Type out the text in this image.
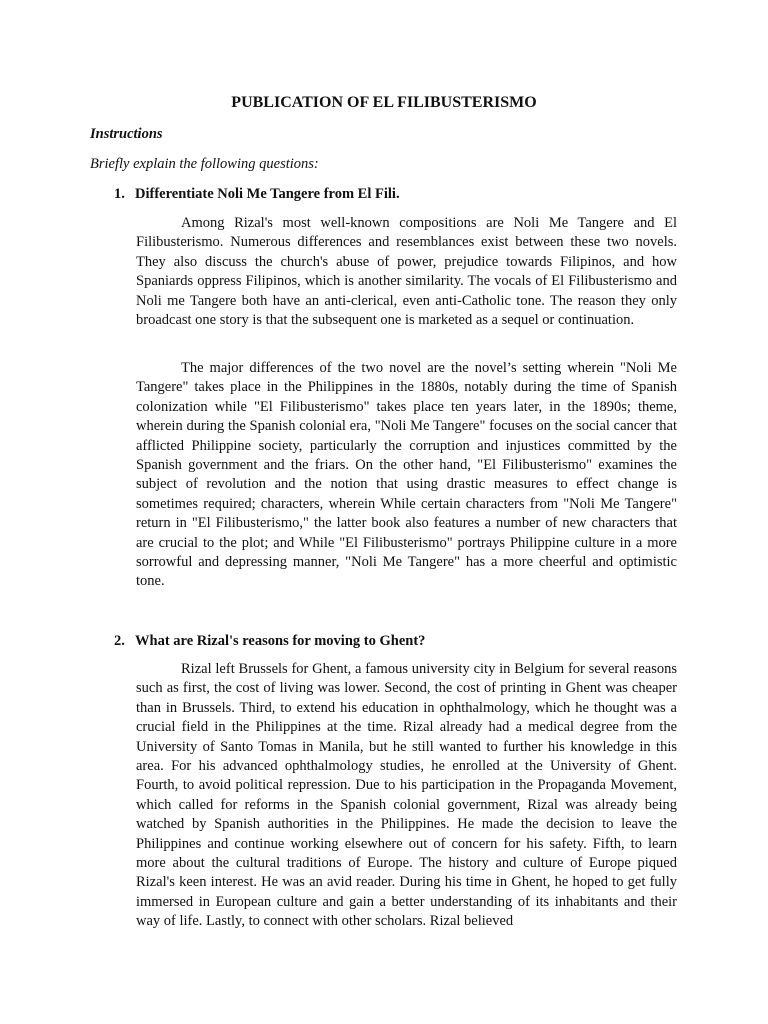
PUBLICATION OF EL FILIBUSTERISMO
Instructions
Briefly explain the following questions:
1. Differentiate Noli Me Tangere from El Fili.

Among Rizal's most well-known compositions are Noli Me Tangere and El Filibusterismo. Numerous differences and resemblances exist between these two novels. They also discuss the church's abuse of power, prejudice towards Filipinos, and how Spaniards oppress Filipinos, which is another similarity. The vocals of El Filibusterismo and Noli me Tangere both have an anti-clerical, even anti-Catholic tone. The reason they only broadcast one story is that the subsequent one is marketed as a sequel or continuation.

The major differences of the two novel are the novel’s setting wherein "Noli Me Tangere" takes place in the Philippines in the 1880s, notably during the time of Spanish colonization while "El Filibusterismo" takes place ten years later, in the 1890s; theme, wherein during the Spanish colonial era, "Noli Me Tangere" focuses on the social cancer that afflicted Philippine society, particularly the corruption and injustices committed by the Spanish government and the friars. On the other hand, "El Filibusterismo" examines the subject of revolution and the notion that using drastic measures to effect change is sometimes required; characters, wherein While certain characters from "Noli Me Tangere" return in "El Filibusterismo," the latter book also features a number of new characters that are crucial to the plot; and While "El Filibusterismo" portrays Philippine culture in a more sorrowful and depressing manner, "Noli Me Tangere" has a more cheerful and optimistic tone.

2. What are Rizal's reasons for moving to Ghent?

Rizal left Brussels for Ghent, a famous university city in Belgium for several reasons such as first, the cost of living was lower. Second, the cost of printing in Ghent was cheaper than in Brussels. Third, to extend his education in ophthalmology, which he thought was a crucial field in the Philippines at the time. Rizal already had a medical degree from the University of Santo Tomas in Manila, but he still wanted to further his knowledge in this area. For his advanced ophthalmology studies, he enrolled at the University of Ghent. Fourth, to avoid political repression. Due to his participation in the Propaganda Movement, which called for reforms in the Spanish colonial government, Rizal was already being watched by Spanish authorities in the Philippines. He made the decision to leave the Philippines and continue working elsewhere out of concern for his safety. Fifth, to learn more about the cultural traditions of Europe. The history and culture of Europe piqued Rizal's keen interest. He was an avid reader. During his time in Ghent, he hoped to get fully immersed in European culture and gain a better understanding of its inhabitants and their way of life. Lastly, to connect with other scholars. Rizal believed
